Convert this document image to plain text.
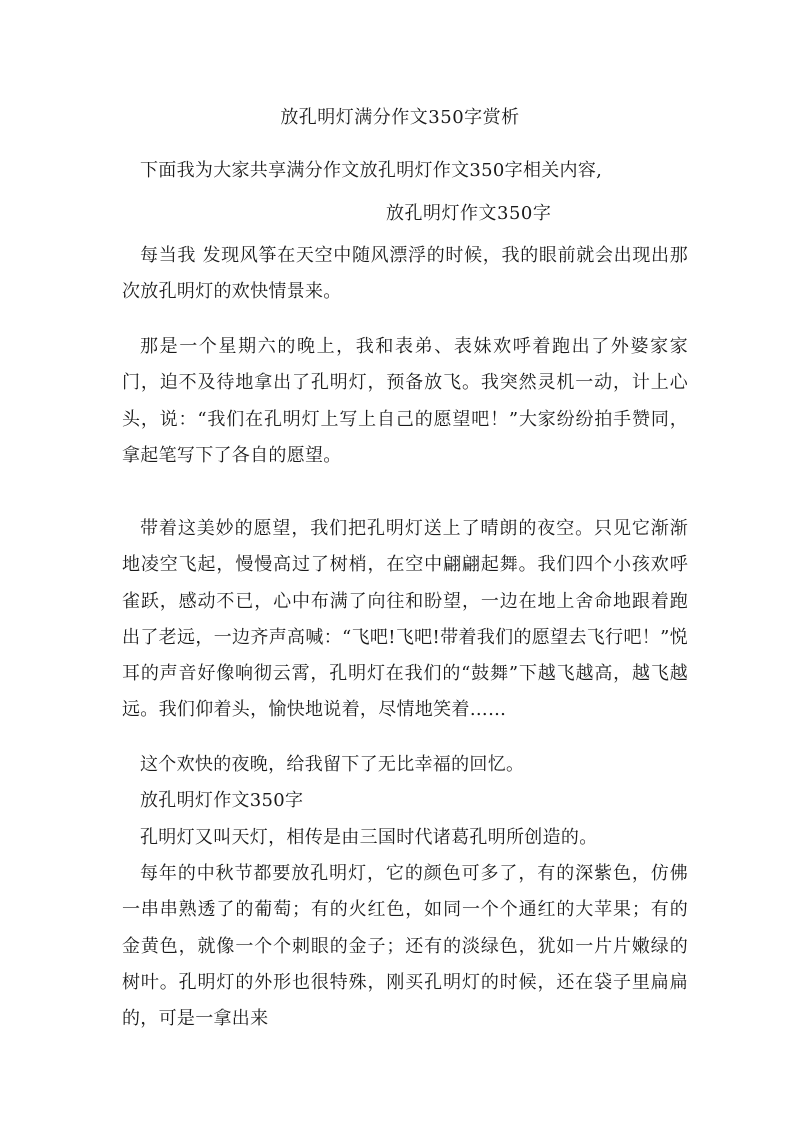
放孔明灯满分作文350字赏析

下面我为大家共享满分作文放孔明灯作文350字相关内容,

放孔明灯作文350字

每当我 发现风筝在天空中随风漂浮的时候，我的眼前就会出现出那次放孔明灯的欢快情景来。

那是一个星期六的晚上，我和表弟、表妹欢呼着跑出了外婆家家门，迫不及待地拿出了孔明灯，预备放飞。我突然灵机一动，计上心头，说：“我们在孔明灯上写上自己的愿望吧！”大家纷纷拍手赞同，拿起笔写下了各自的愿望。

带着这美妙的愿望，我们把孔明灯送上了晴朗的夜空。只见它渐渐地凌空飞起，慢慢高过了树梢，在空中翩翩起舞。我们四个小孩欢呼雀跃，感动不已，心中布满了向往和盼望，一边在地上舍命地跟着跑出了老远，一边齐声高喊：“飞吧!飞吧!带着我们的愿望去飞行吧！”悦耳的声音好像响彻云霄，孔明灯在我们的“鼓舞”下越飞越高，越飞越远。我们仰着头，愉快地说着，尽情地笑着……

这个欢快的夜晚，给我留下了无比幸福的回忆。

放孔明灯作文350字

孔明灯又叫天灯，相传是由三国时代诸葛孔明所创造的。

每年的中秋节都要放孔明灯，它的颜色可多了，有的深紫色，仿佛一串串熟透了的葡萄；有的火红色，如同一个个通红的大苹果；有的金黄色，就像一个个刺眼的金子；还有的淡绿色，犹如一片片嫩绿的树叶。孔明灯的外形也很特殊，刚买孔明灯的时候，还在袋子里扁扁的，可是一拿出来
